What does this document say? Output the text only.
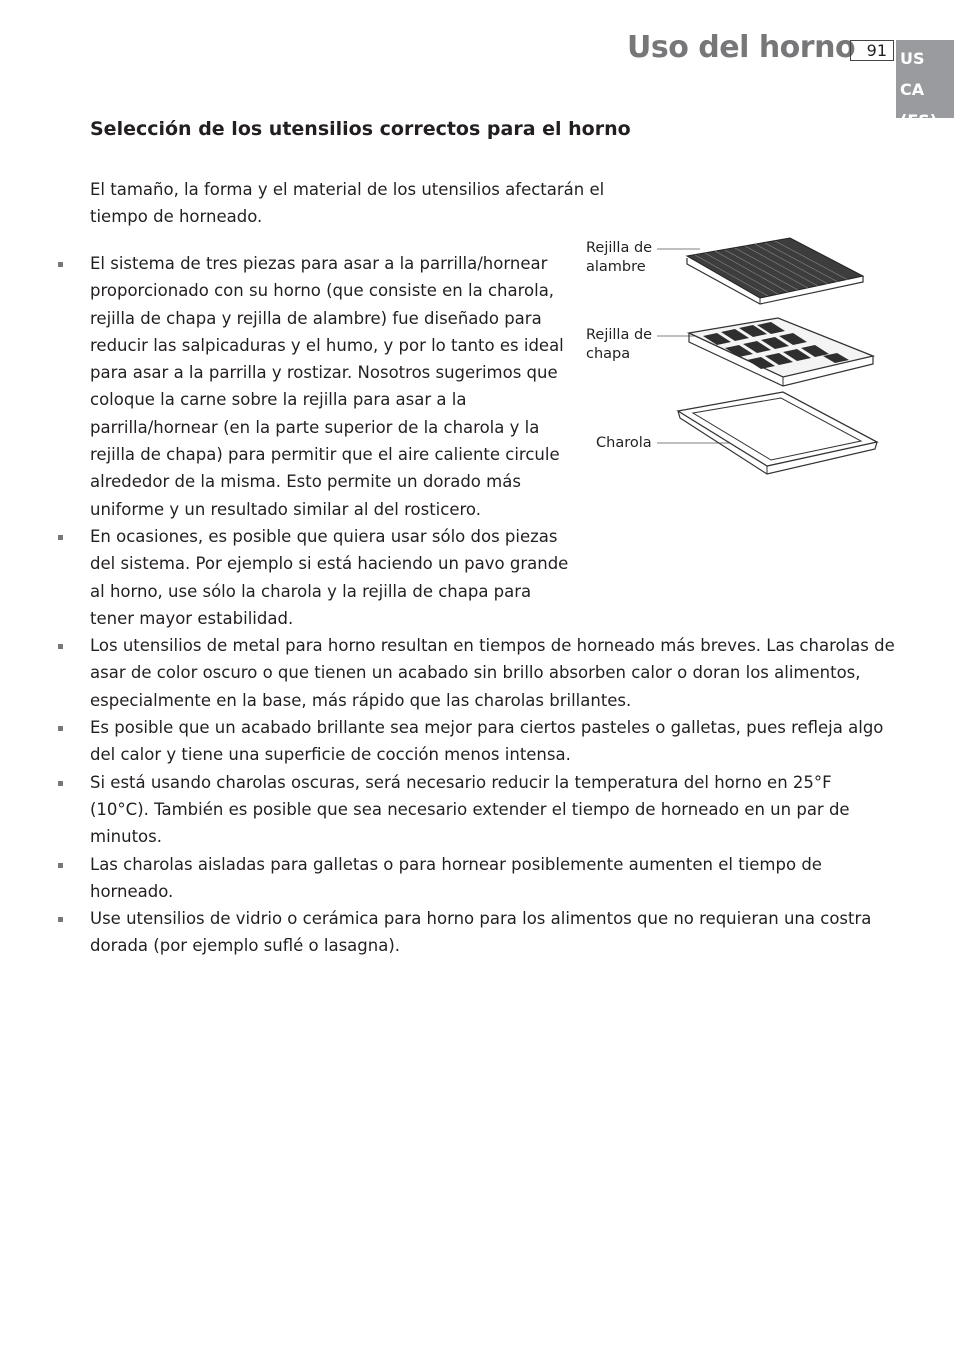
Uso del horno 91 US CA
(ES)
Selección de los utensilios correctos para el horno

El tamaño, la forma y el material de los utensilios afectarán el tiempo de horneado.

Rejilla de alambre
Rejilla de chapa
Charola
El sistema de tres piezas para asar a la parrilla/hornear proporcionado con su horno (que consiste en la charola, rejilla de chapa y rejilla de alambre) fue diseñado para reducir las salpicaduras y el humo, y por lo tanto es ideal para asar a la parrilla y rostizar. Nosotros sugerimos que coloque la carne sobre la rejilla para asar a la parrilla/hornear (en la parte superior de la charola y la rejilla de chapa) para permitir que el aire caliente circule alrededor de la misma. Esto permite un dorado más uniforme y un resultado similar al del rosticero.
En ocasiones, es posible que quiera usar sólo dos piezas del sistema. Por ejemplo si está haciendo un pavo grande al horno, use sólo la charola y la rejilla de chapa para tener mayor estabilidad.
Los utensilios de metal para horno resultan en tiempos de horneado más breves. Las charolas de asar de color oscuro o que tienen un acabado sin brillo absorben calor o doran los alimentos, especialmente en la base, más rápido que las charolas brillantes.
Es posible que un acabado brillante sea mejor para ciertos pasteles o galletas, pues refleja algo del calor y tiene una superficie de cocción menos intensa.
Si está usando charolas oscuras, será necesario reducir la temperatura del horno en 25°F (10°C). También es posible que sea necesario extender el tiempo de horneado en un par de minutos.
Las charolas aisladas para galletas o para hornear posiblemente aumenten el tiempo de horneado.
Use utensilios de vidrio o cerámica para horno para los alimentos que no requieran una costra dorada (por ejemplo suflé o lasagna).
